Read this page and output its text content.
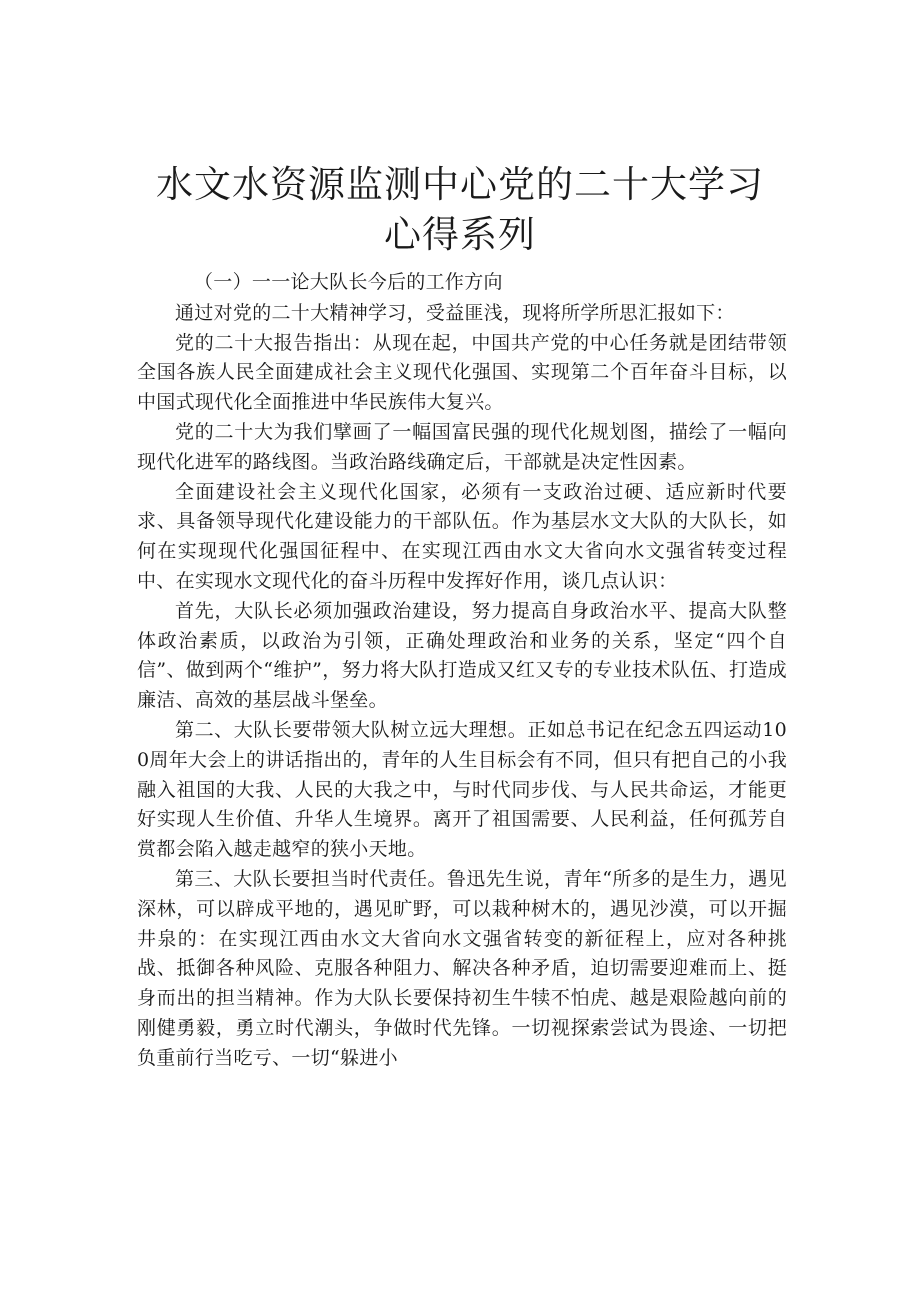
水文水资源监测中心党的二十大学习心得系列

（一）一一论大队长今后的工作方向

通过对党的二十大精神学习，受益匪浅，现将所学所思汇报如下：

党的二十大报告指出：从现在起，中国共产党的中心任务就是团结带领全国各族人民全面建成社会主义现代化强国、实现第二个百年奋斗目标，以中国式现代化全面推进中华民族伟大复兴。

党的二十大为我们擘画了一幅国富民强的现代化规划图，描绘了一幅向现代化进军的路线图。当政治路线确定后，干部就是决定性因素。

全面建设社会主义现代化国家，必须有一支政治过硬、适应新时代要求、具备领导现代化建设能力的干部队伍。作为基层水文大队的大队长，如何在实现现代化强国征程中、在实现江西由水文大省向水文强省转变过程中、在实现水文现代化的奋斗历程中发挥好作用，谈几点认识：

首先，大队长必须加强政治建设，努力提高自身政治水平、提高大队整体政治素质，以政治为引领，正确处理政治和业务的关系，坚定“四个自信”、做到两个“维护”，努力将大队打造成又红又专的专业技术队伍、打造成廉洁、高效的基层战斗堡垒。

第二、大队长要带领大队树立远大理想。正如总书记在纪念五四运动100周年大会上的讲话指出的，青年的人生目标会有不同，但只有把自己的小我融入祖国的大我、人民的大我之中，与时代同步伐、与人民共命运，才能更好实现人生价值、升华人生境界。离开了祖国需要、人民利益，任何孤芳自赏都会陷入越走越窄的狭小天地。

第三、大队长要担当时代责任。鲁迅先生说，青年“所多的是生力，遇见深林，可以辟成平地的，遇见旷野，可以栽种树木的，遇见沙漠，可以开掘井泉的：在实现江西由水文大省向水文强省转变的新征程上，应对各种挑战、抵御各种风险、克服各种阻力、解决各种矛盾，迫切需要迎难而上、挺身而出的担当精神。作为大队长要保持初生牛犊不怕虎、越是艰险越向前的刚健勇毅，勇立时代潮头，争做时代先锋。一切视探索尝试为畏途、一切把负重前行当吃亏、一切“躲进小
